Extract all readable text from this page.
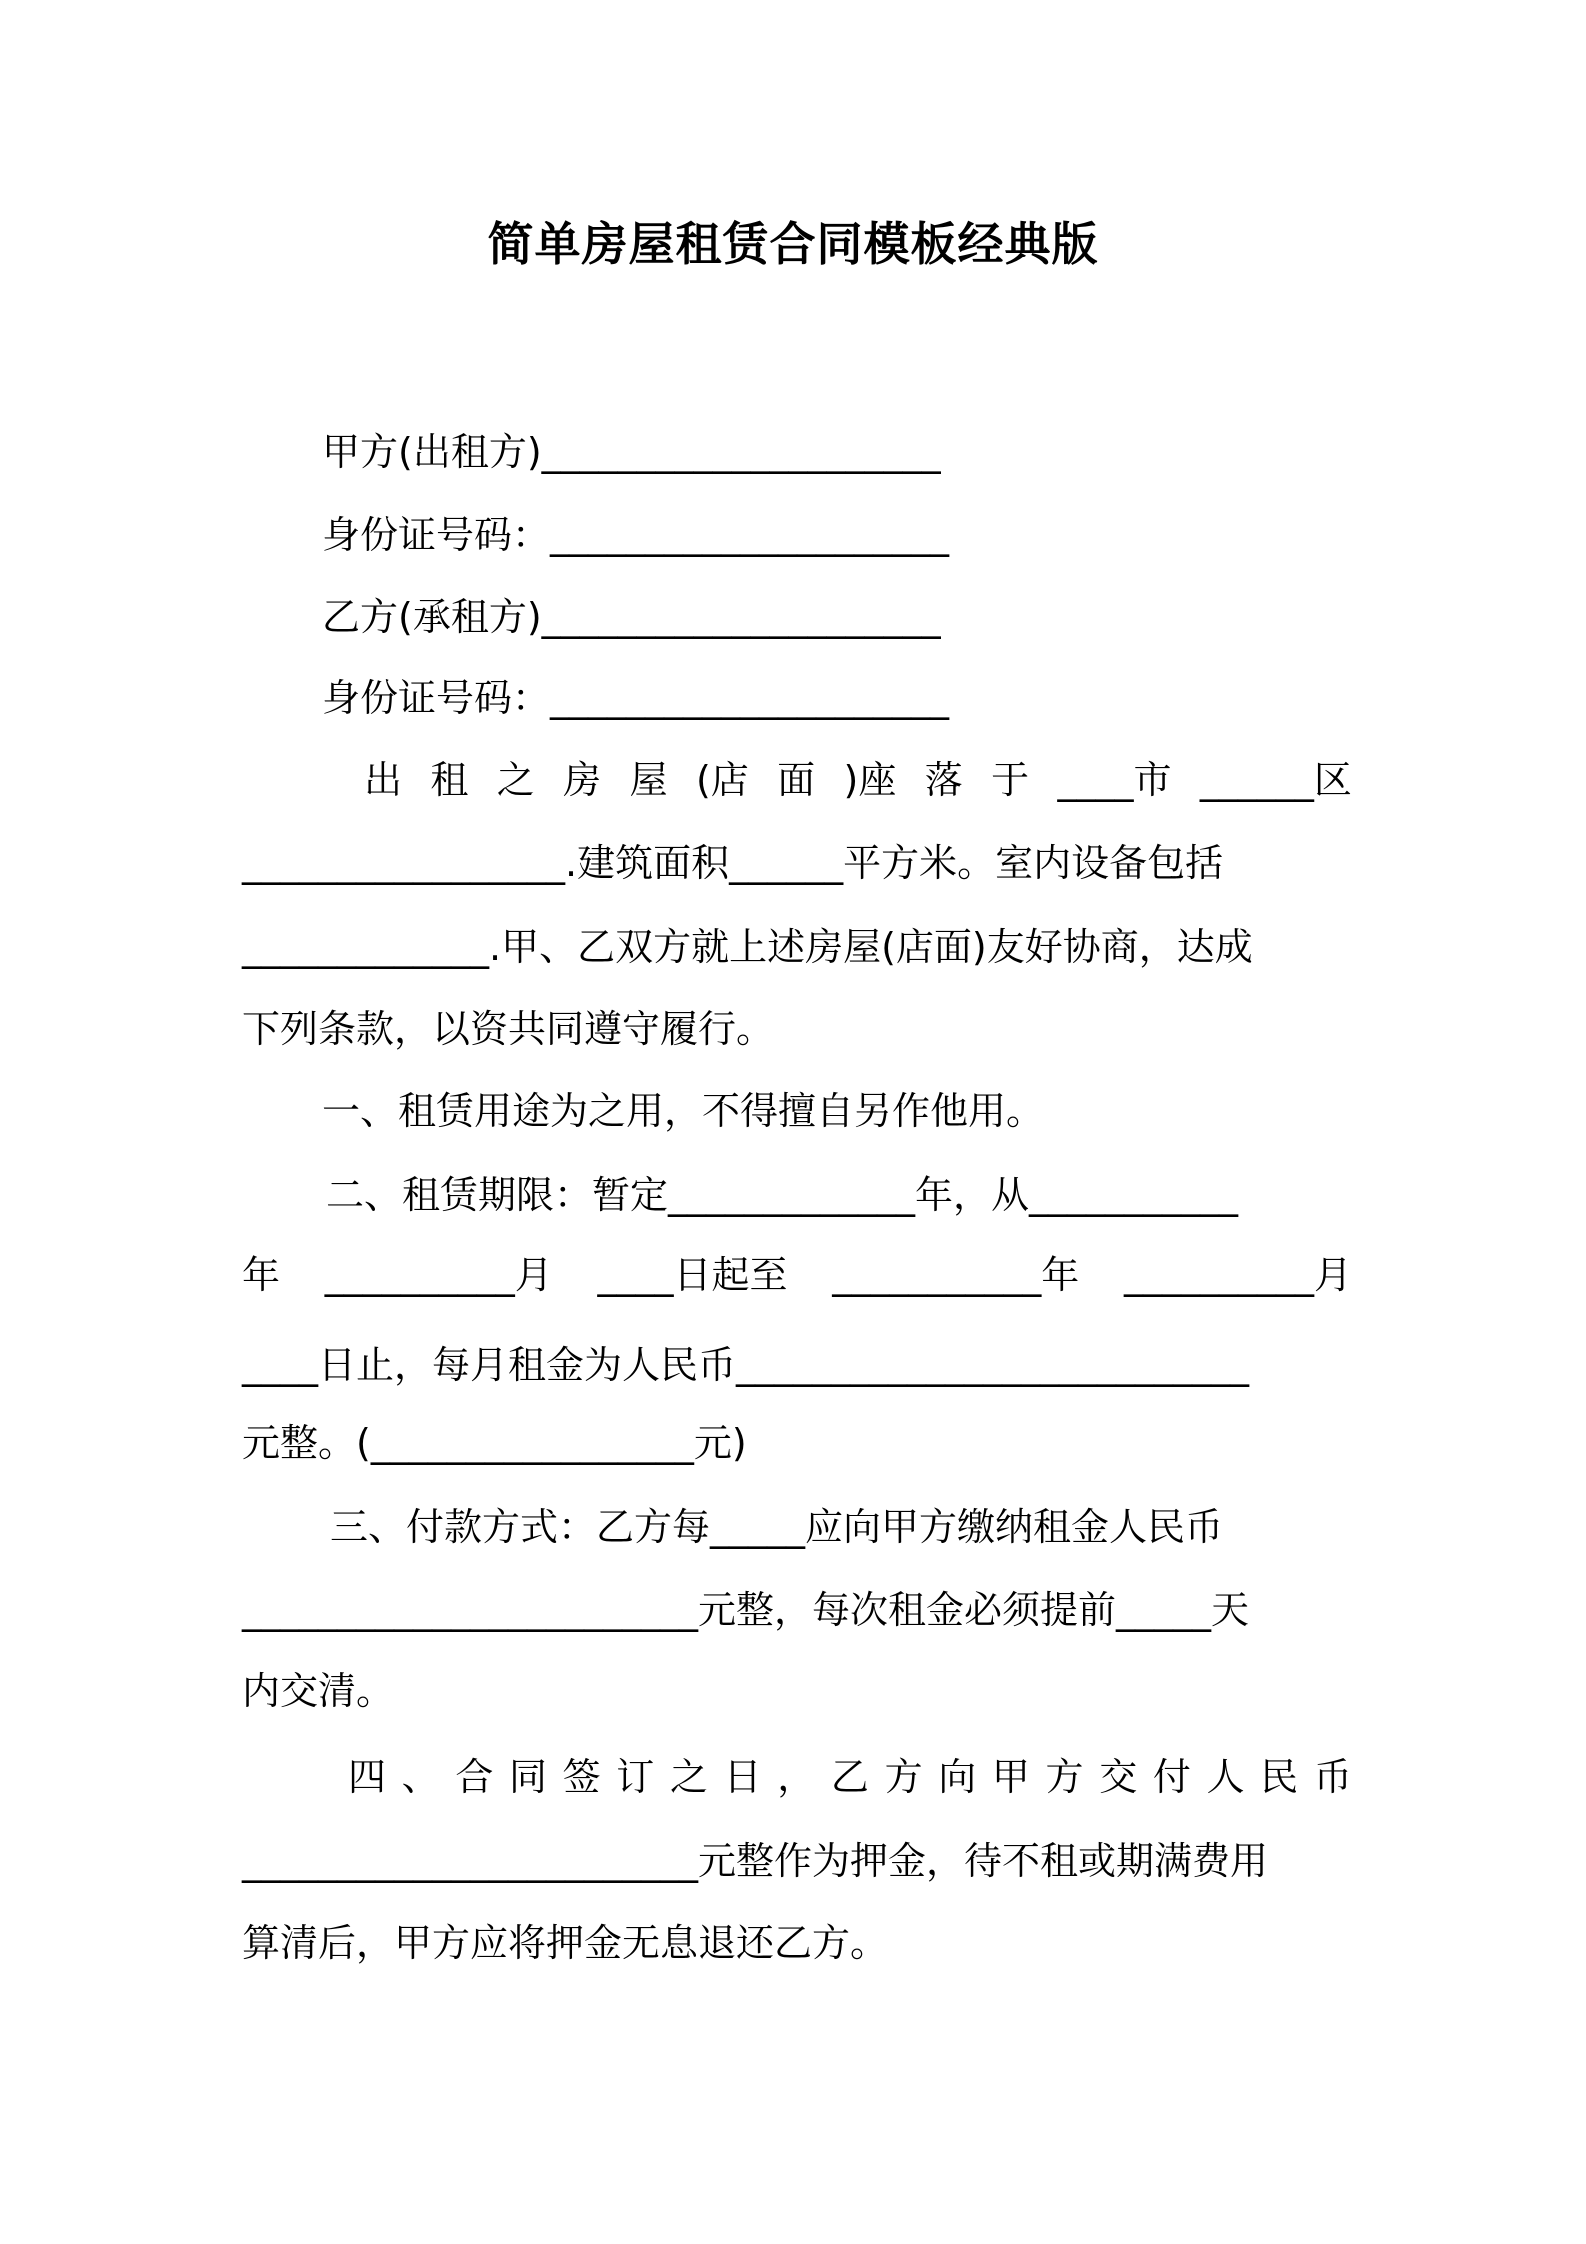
简单房屋租赁合同模板经典版
甲方(出租方)_____________________
身份证号码：_____________________
乙方(承租方)_____________________
身份证号码：_____________________
出 租 之 房 屋 (店 面 )座 落 于 ____市 ______区
_________________.建筑面积______平方米。室内设备包括
_____________.甲、乙双方就上述房屋(店面)友好协商，达成
下列条款，以资共同遵守履行。
一、租赁用途为之用，不得擅自另作他用。
二、租赁期限：暂定_____________年，从___________
年 __________月 ____日起至 ___________年 __________月
____日止，每月租金为人民币___________________________
元整。(_________________元)
三、付款方式：乙方每_____应向甲方缴纳租金人民币
________________________元整，每次租金必须提前_____天
内交清。
四 、 合 同 签 订 之 日 ， 乙 方 向 甲 方 交 付 人 民 币
________________________元整作为押金，待不租或期满费用
算清后，甲方应将押金无息退还乙方。
